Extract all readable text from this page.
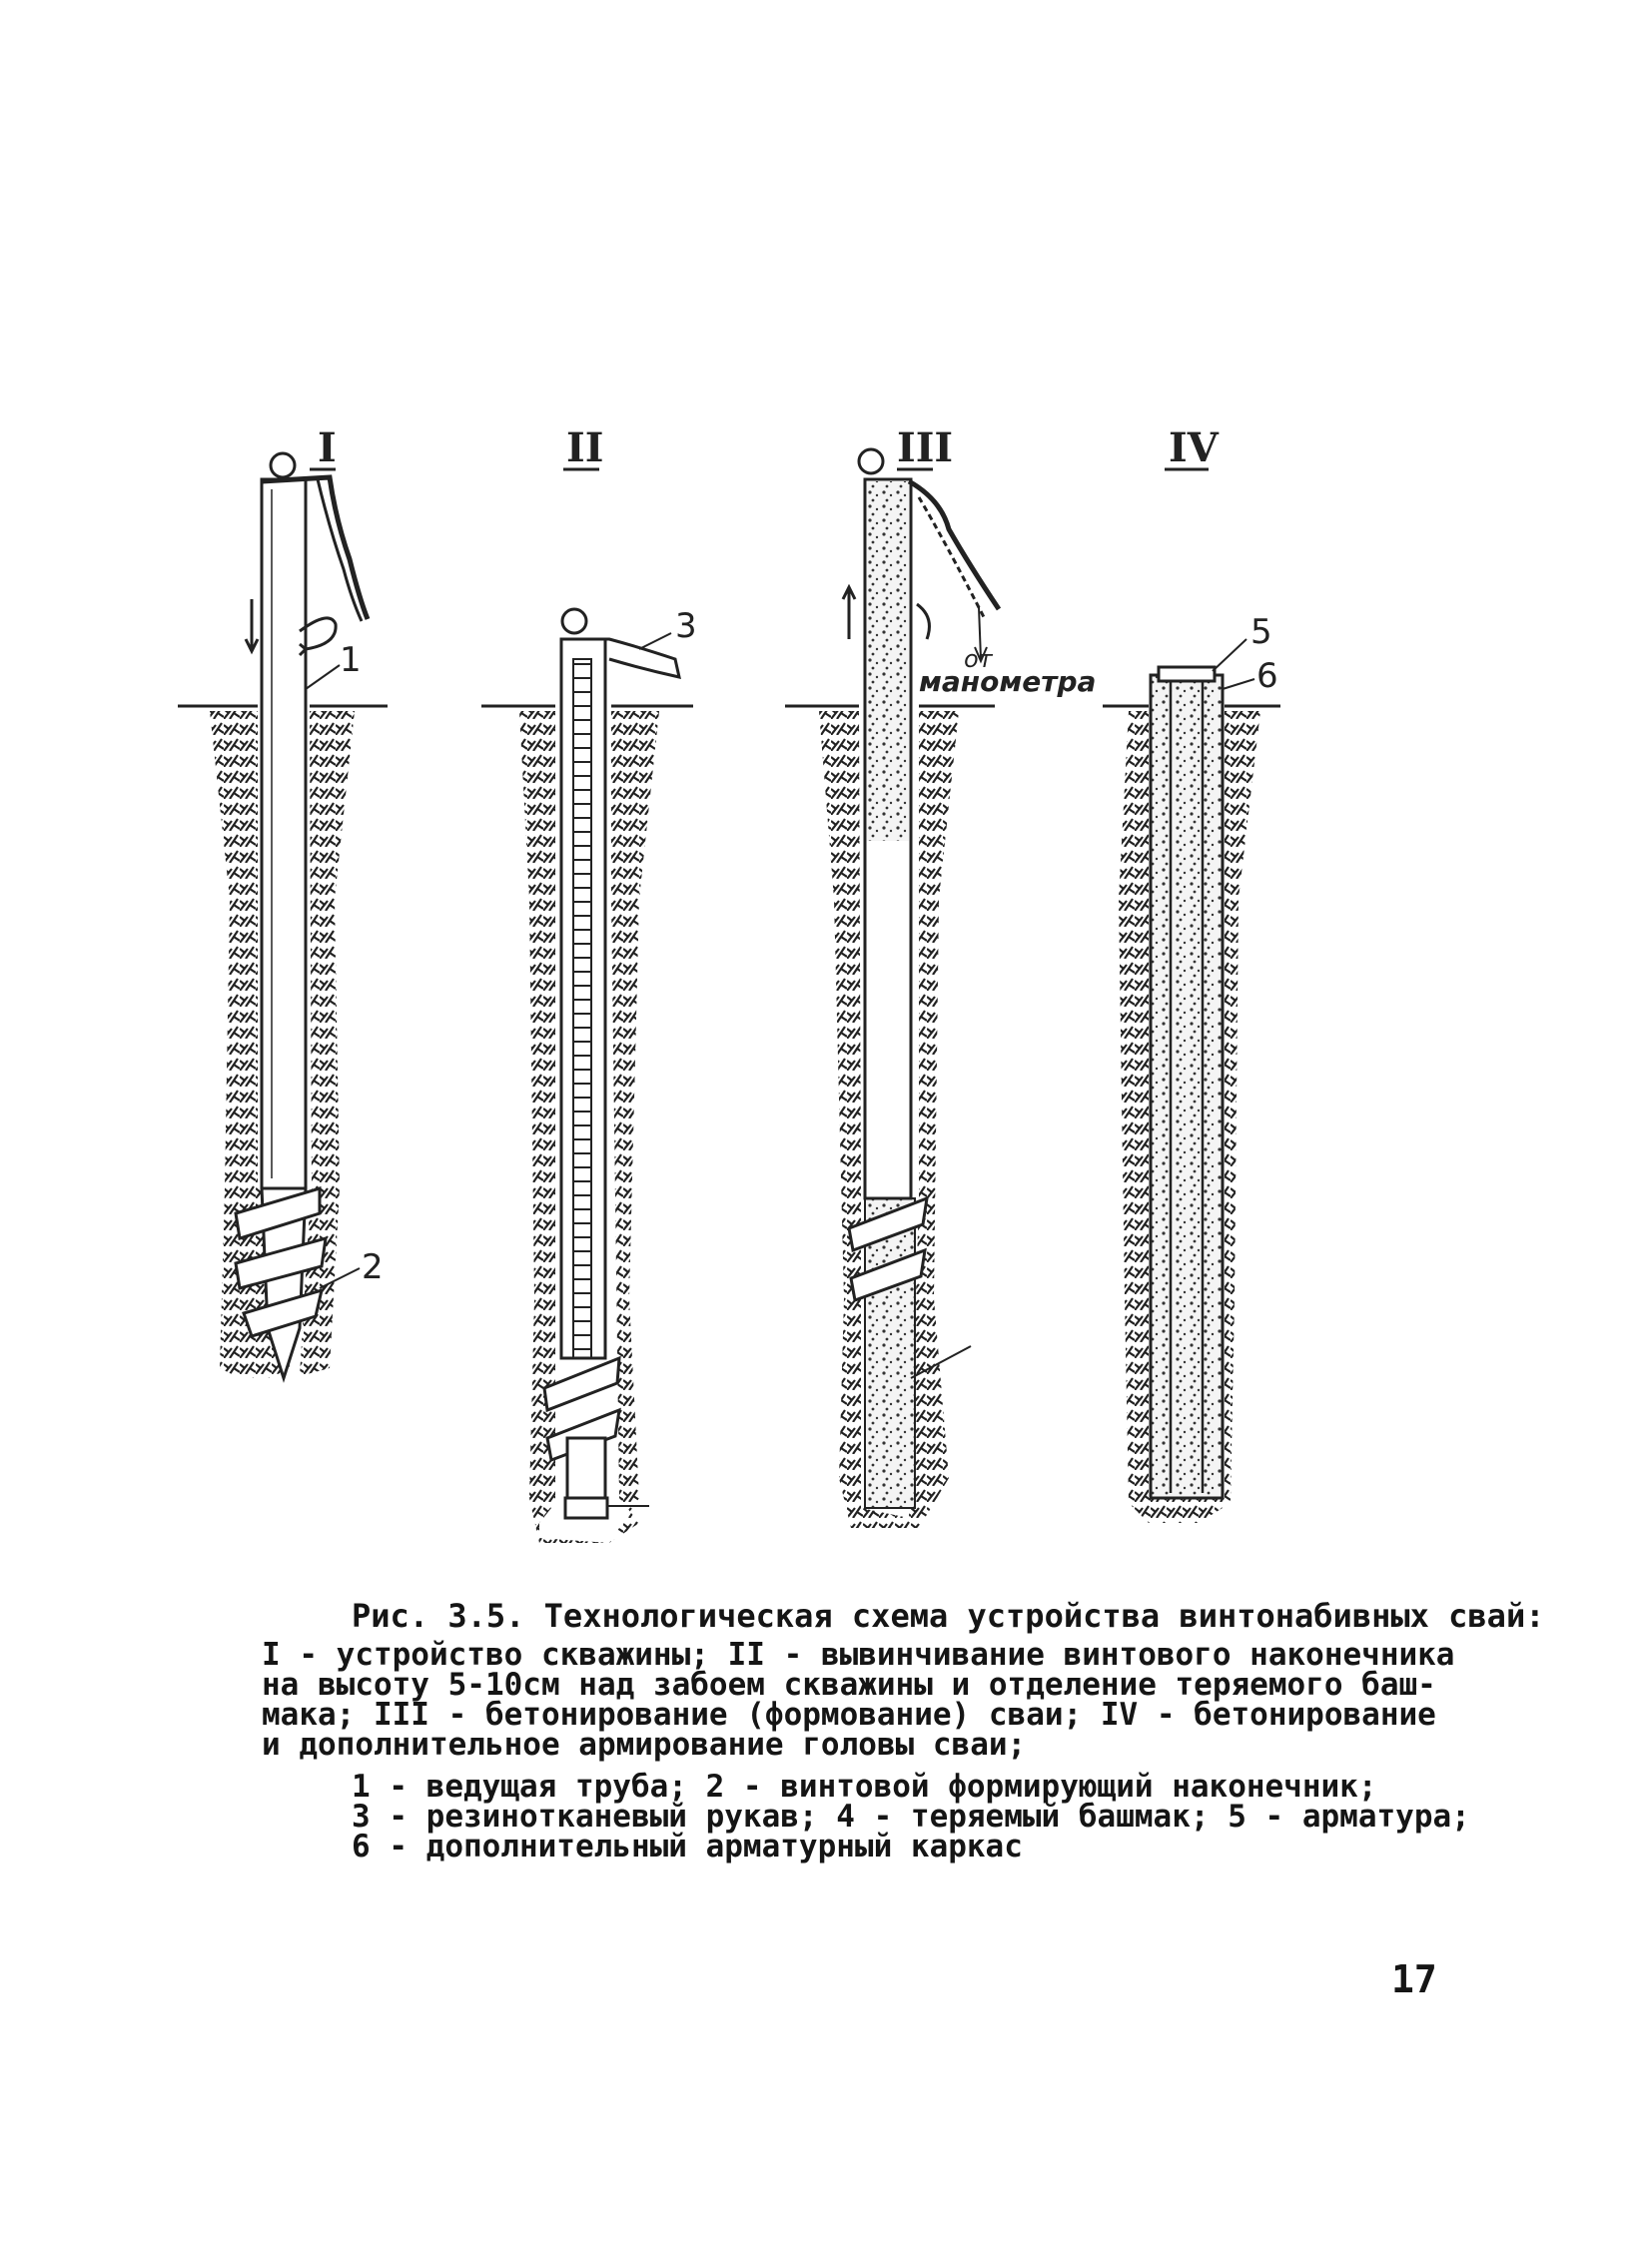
I
1
2
II
3
III
от
манометра
IV
5
6
Рис. 3.5. Технологическая схема устройства винтонабивных свай:
I - устройство скважины; II - вывинчивание винтового наконечника
на высоту 5-10см над забоем скважины и отделение теряемого баш-
мака; III - бетонирование (формование) сваи; IV - бетонирование
и дополнительное армирование головы сваи;
1 - ведущая труба; 2 - винтовой формирующий наконечник;
3 - резинотканевый рукав; 4 - теряемый башмак; 5 - арматура;
6 - дополнительный арматурный каркас
17
